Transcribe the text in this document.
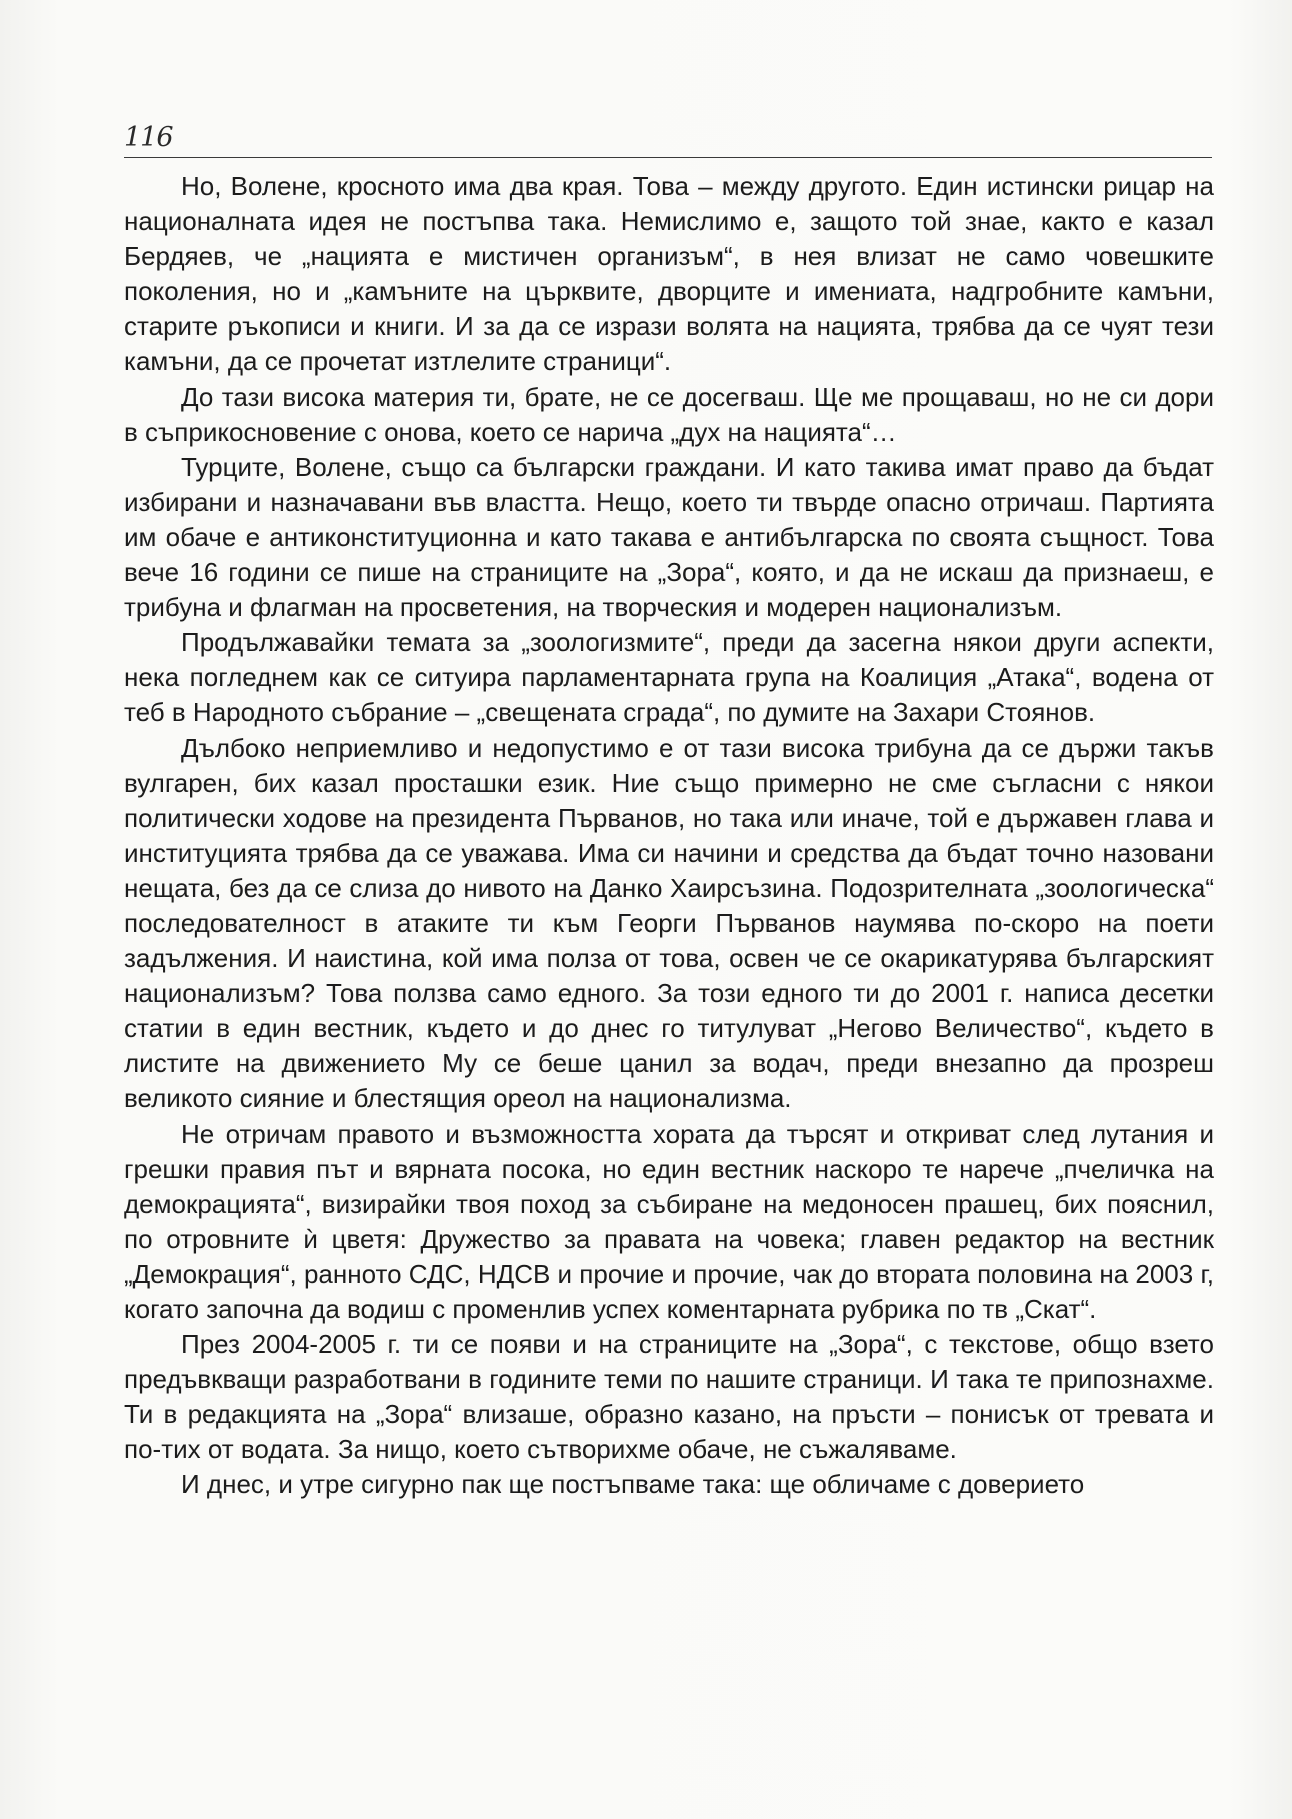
116

Но, Волене, кросното има два края. Това – между другото. Един истински рицар на националната идея не постъпва така. Немислимо е, защото той знае, както е казал Бердяев, че „нацията е мистичен организъм“, в нея влизат не само човешките поколения, но и „камъните на църквите, дворците и имениата, надгробните камъни, старите ръкописи и книги. И за да се изрази волята на нацията, трябва да се чуят тези камъни, да се прочетат изтлелите страници“.

До тази висока материя ти, брате, не се досегваш. Ще ме прощаваш, но не си дори в съприкосновение с онова, което се нарича „дух на нацията“…

Турците, Волене, също са български граждани. И като такива имат право да бъдат избирани и назначавани във властта. Нещо, което ти твърде опасно отричаш. Партията им обаче е антиконституционна и като такава е антибългарска по своята същност. Това вече 16 години се пише на страниците на „Зора“, която, и да не искаш да признаеш, е трибуна и флагман на просветения, на творческия и модерен национализъм.

Продължавайки темата за „зоологизмите“, преди да засегна някои други аспекти, нека погледнем как се ситуира парламентарната група на Коалиция „Атака“, водена от теб в Народното събрание – „свещената сграда“, по думите на Захари Стоянов.

Дълбоко неприемливо и недопустимо е от тази висока трибуна да се държи такъв вулгарен, бих казал просташки език. Ние също примерно не сме съгласни с някои политически ходове на президента Първанов, но така или иначе, той е държавен глава и институцията трябва да се уважава. Има си начини и средства да бъдат точно назовани нещата, без да се слиза до нивото на Данко Хаирсъзина. Подозрителната „зоологическа“ последователност в атаките ти към Георги Първанов наумява по-скоро на поети задължения. И наистина, кой има полза от това, освен че се окарикатурява българският национализъм? Това ползва само едного. За този едного ти до 2001 г. написа десетки статии в един вестник, където и до днес го титулуват „Негово Величество“, където в листите на движението Му се беше цанил за водач, преди внезапно да прозреш великото сияние и блестящия ореол на национализма.

Не отричам правото и възможността хората да търсят и откриват след лутания и грешки правия път и вярната посока, но един вестник наскоро те нарече „пчеличка на демокрацията“, визирайки твоя поход за събиране на медоносен прашец, бих пояснил, по отровните ѝ цветя: Дружество за правата на човека; главен редактор на вестник „Демокрация“, ранното СДС, НДСВ и прочие и прочие, чак до втората половина на 2003 г, когато започна да водиш с променлив успех коментарната рубрика по тв „Скат“.

През 2004-2005 г. ти се появи и на страниците на „Зора“, с текстове, общо взето предъвкващи разработвани в годините теми по нашите страници. И така те припознахме. Ти в редакцията на „Зора“ влизаше, образно казано, на пръсти – понисък от тревата и по-тих от водата. За нищо, което сътворихме обаче, не съжаляваме.

И днес, и утре сигурно пак ще постъпваме така: ще обличаме с доверието
